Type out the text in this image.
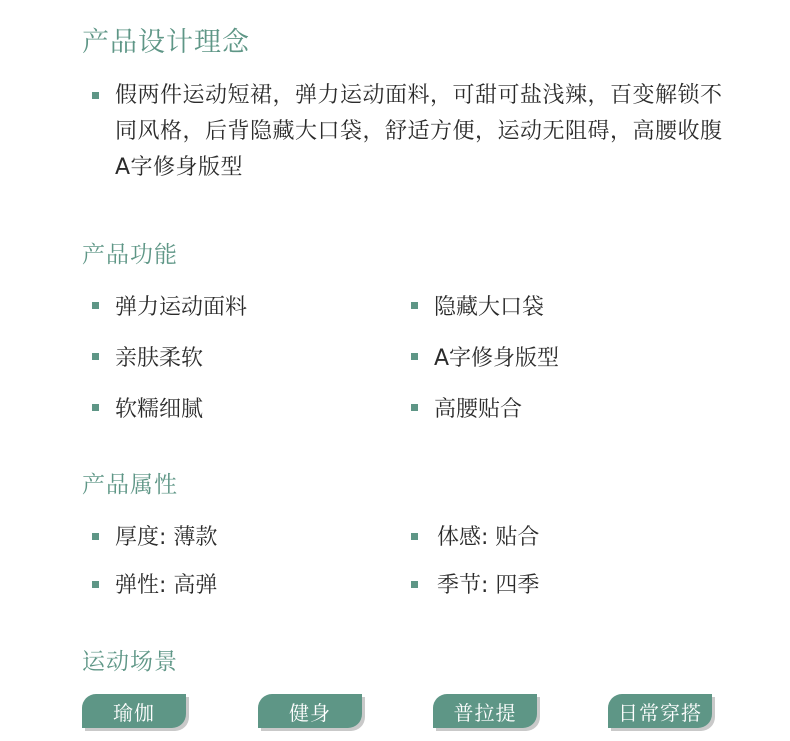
产品设计理念

假两件运动短裙，弹力运动面料，可甜可盐浅辣，百变解锁不同风格，后背隐藏大口袋，舒适方便，运动无阻碍，高腰收腹A字修身版型

产品功能
弹力运动面料	隐藏大口袋
亲肤柔软	A字修身版型
软糯细腻	高腰贴合
产品属性
厚度: 薄款	体感: 贴合
弹性: 高弹	季节: 四季
运动场景
瑜伽	健身	普拉提	日常穿搭
